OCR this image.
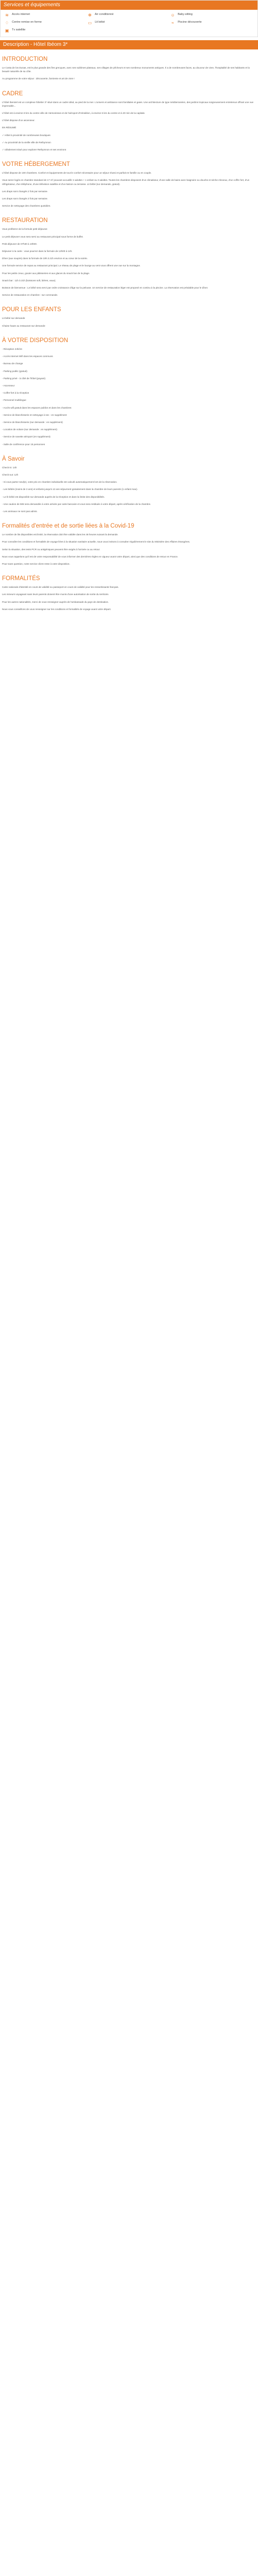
Services et équipements
≋ Accès internet	✻ Air conditionné	☺ Baby-sitting
♢ Centre remise en forme	▭ Lit bébé	≈	Piscine découverte
▣ Tv satellite
Description - Hôtel Ibéom 3*
INTRODUCTION

Le Costa de los Dunas, est le plus grande des îles grecques, avec ses sublimes plateaux, ses villages de pêcheurs et ses nombreux monuments antiques. Il a de nombreuses faces, au douceur de vivre, l'hospitalité de ses habitants et la beauté naturelle de sa côte.

Au programme de votre séjour : découverte, farniente et art de vivre !

CADRE

L'hôtel Iberotel est un complexe hôtelier 3* situé dans un cadre idéal, au pied de la mer. L'univers et ambiance sont familiales et gaies. Une architecture de type méditerranéen, des jardins tropicaux soigneusement entretenus offrant une vue imprenable...

L'hôtel est à environ 8 km du centre ville de Hersonissos et de l'aéroport d'Héraklion, à environ 5 km du centre et à 20 min de la capitale.

L'hôtel dispose d'un ascenseur.

EN RÉSUMÉ

✓ Hôtel à proximité de nombreuses boutiques

✓ Au proximité de la vieille ville de Rethymnon

✓ Idéalement situé pour explorer Rethymnon et ses environs

VOTRE HÉBERGEMENT

L'hôtel dispose de 100 chambres. Confort et équipements de tout le confort nécessaire pour un séjour réussi et parfait en famille ou en couple.

Vous serez logés en chambre standard de 17 m² pouvant accueillir 2 adultes + 1 enfant ou 3 adultes. Toutes les chambres disposent d'un climatiseur, d'une salle de bains avec baignoire ou douche et sèche-cheveux, d'un coffre fort, d'un réfrigérateur, d'un téléphone, d'une télévision satellite et d'un balcon ou terrasse. Lit bébé (sur demande, gratuit).

Les draps sont changés 2 fois par semaine.

Les draps sont changés 3 fois par semaine.

Service de nettoyage des chambres quotidien.

RESTAURATION

Vous profiterez de la formule petit déjeuner.

Le petit déjeuner vous sera servi au restaurant principal sous forme de buffet.

Petit déjeuner de 07h30 à 10h00.

Déjeuner à la carte : vous pourrez dans la formule de 12h00 à 14h.

Dîner (aux soupirs) dans la formule de 19h à 21h environ et au cœur de la soirée.

Une formule service de repas au restaurant principal. Le réseau de plage et le lounge au vent vous offrent une vue sur la montagne.

Pour les petits creux, gouter aux pâtisseries et aux glaces du snack bar de la plage.

Snack bar : 11h à 21h (boissons soft, bières, eaux).

Boisson de bienvenue : Le bébé sera servi par ordre croissance d'âge sur la pelouse. Un service de restauration léger est proposé en continu à la piscine. La réservation est préalable pour le dîner.

Service de restauration en chambre : sur commande.

POUR LES ENFANTS

Lit bébé sur demande

Chaise haute au restaurant sur demande

À VOTRE DISPOSITION

- Réception 24h/24

- Accès internet Wifi dans les espaces communs

- Bureau de change

- Parking public (gratuit)

- Parking privé - à côté de l'hôtel (payant)

- Ascenseur

- Coffre-fort à la réception

- Personnel multilingue

- Accès wifi gratuit dans les espaces publics et dans les chambres

- Service de blanchisserie et nettoyage à sec : en supplément

- Service de blanchisserie (sur demande : en supplément)

- Location de voiture (sur demande : en supplément)

- Service de navette aéroport (en supplément)

- Salle de conférence pour 15 personnes

À Savoir

Check-in: 14h

Check-out: 12h

- Si vous partez seul(e), votre prix en chambre individuelle est calculé automatiquement lors de la réservation.

- Les bébés (moins de 2 ans) et enfants jusqu'à 12 ans séjournent gratuitement dans la chambre de leurs parents (1 enfant max).

- Le lit bébé est disponible sur demande auprès de la réception et dans la limite des disponibilités.

- Une caution de 50€ sera demandée à votre arrivée par carte bancaire et vous sera restituée à votre départ, après vérification de la chambre.

- Les animaux ne sont pas admis.

Formalités d'entrée et de sortie liées à la Covid-19

Le nombre de lits disponibles est limité, la réservation doit être validée dans les 48 heures suivant la demande.

Pour connaître les conditions et formalités de voyage liées à la situation sanitaire actuelle, nous vous invitons à consulter régulièrement le site du Ministère des Affaires étrangères.

Selon la situation, des tests PCR ou antigéniques peuvent être exigés à l'arrivée ou au retour.

Nous vous rappelons qu'il est de votre responsabilité de vous informer des dernières règles en vigueur avant votre départ, ainsi que des conditions de retour en France.

Pour toute question, notre service client reste à votre disposition.

FORMALITÉS

Carte nationale d'identité en cours de validité ou passeport en cours de validité pour les ressortissants français.

Les mineurs voyageant sans leurs parents doivent être munis d'une autorisation de sortie du territoire.

Pour les autres nationalités, merci de vous renseigner auprès de l'ambassade du pays de destination.

Nous vous conseillons de vous renseigner sur les conditions et formalités de voyage avant votre départ.
